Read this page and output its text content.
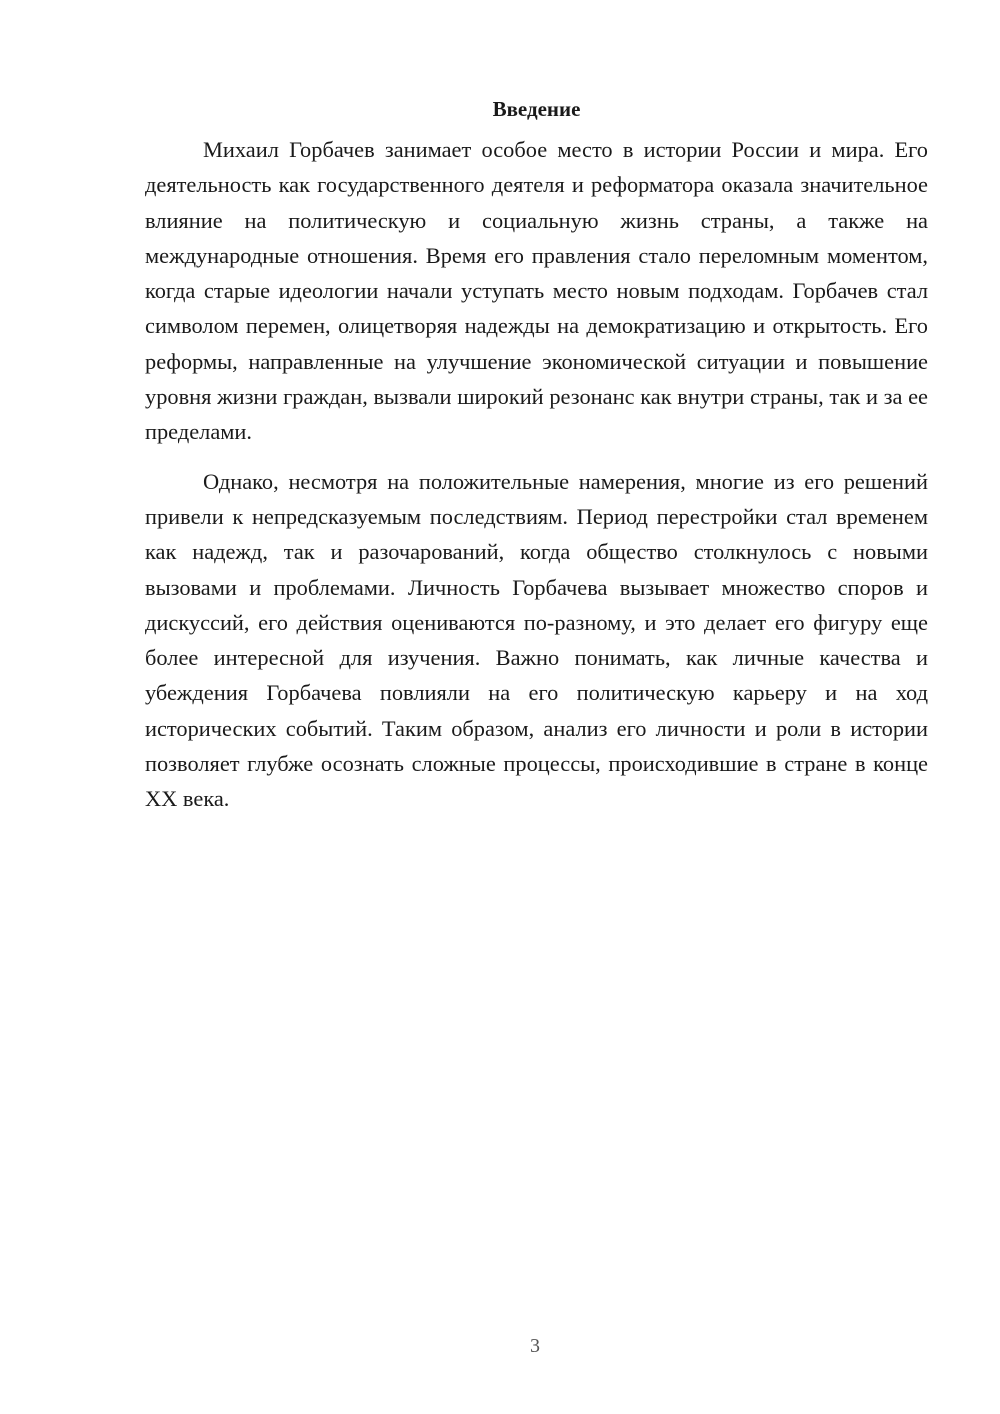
Введение

Михаил Горбачев занимает особое место в истории России и мира. Его деятельность как государственного деятеля и реформатора оказала значительное влияние на политическую и социальную жизнь страны, а также на международные отношения. Время его правления стало переломным моментом, когда старые идеологии начали уступать место новым подходам. Горбачев стал символом перемен, олицетворяя надежды на демократизацию и открытость. Его реформы, направленные на улучшение экономической ситуации и повышение уровня жизни граждан, вызвали широкий резонанс как внутри страны, так и за ее пределами.

Однако, несмотря на положительные намерения, многие из его решений привели к непредсказуемым последствиям. Период перестройки стал временем как надежд, так и разочарований, когда общество столкнулось с новыми вызовами и проблемами. Личность Горбачева вызывает множество споров и дискуссий, его действия оцениваются по-разному, и это делает его фигуру еще более интересной для изучения. Важно понимать, как личные качества и убеждения Горбачева повлияли на его политическую карьеру и на ход исторических событий. Таким образом, анализ его личности и роли в истории позволяет глубже осознать сложные процессы, происходившие в стране в конце XX века.

3
